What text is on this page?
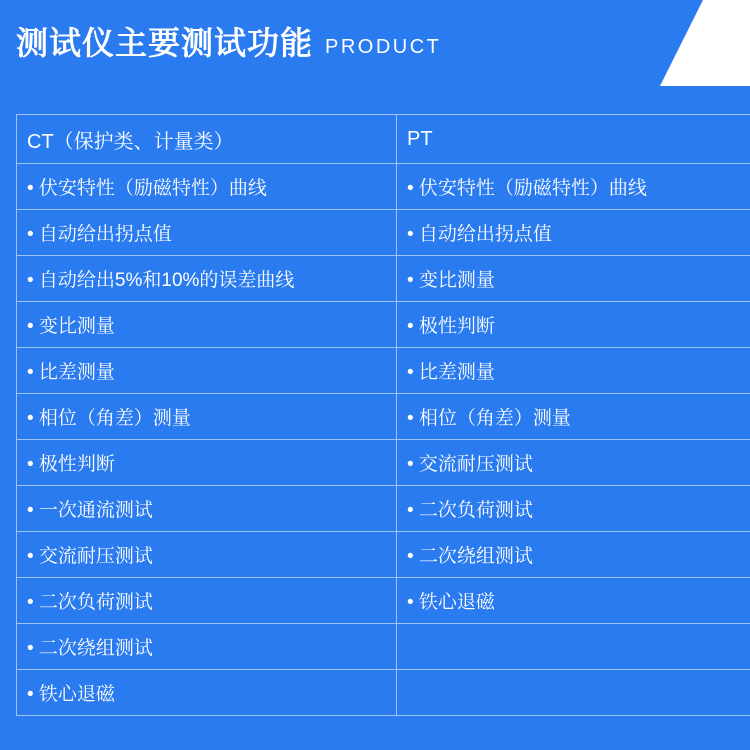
测试仪主要测试功能 PRODUCT
CT（保护类、计量类）	PT
• 伏安特性（励磁特性）曲线	• 伏安特性（励磁特性）曲线
• 自动给出拐点值	• 自动给出拐点值
• 自动给出5%和10%的误差曲线	• 变比测量
• 变比测量	• 极性判断
• 比差测量	• 比差测量
• 相位（角差）测量	• 相位（角差）测量
• 极性判断	• 交流耐压测试
• 一次通流测试	• 二次负荷测试
• 交流耐压测试	• 二次绕组测试
• 二次负荷测试	• 铁心退磁
• 二次绕组测试	
• 铁心退磁	
